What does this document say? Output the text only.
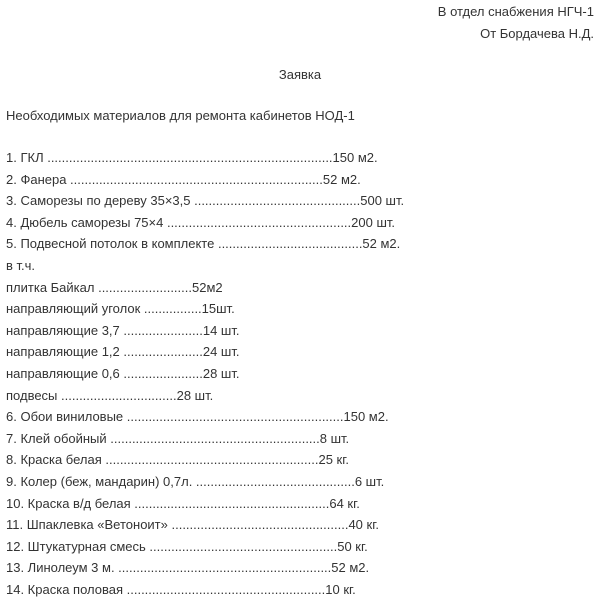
В отдел снабжения НГЧ-1
От Бордачева Н.Д.
Заявка
Необходимых материалов для ремонта кабинетов НОД-1
1. ГКЛ ...............................................................................150 м2.
2. Фанера ......................................................................52 м2.
3. Саморезы по дереву 35×3,5 ..............................................500 шт.
4. Дюбель саморезы 75×4 ...................................................200 шт.
5. Подвесной потолок в комплекте ........................................52 м2.
в т.ч.
плитка Байкал ..........................52м2
направляющий уголок ................15шт.
направляющие 3,7 ......................14 шт.
направляющие 1,2 ......................24 шт.
направляющие 0,6 ......................28 шт.
подвесы ................................28 шт.
6. Обои виниловые ............................................................150 м2.
7. Клей обойный ..........................................................8 шт.
8. Краска белая ...........................................................25 кг.
9. Колер (беж, мандарин) 0,7л. ............................................6 шт.
10. Краска в/д белая ......................................................64 кг.
11. Шпаклевка «Ветоноит» .................................................40 кг.
12. Штукатурная смесь ....................................................50 кг.
13. Линолеум 3 м. ...........................................................52 м2.
14. Краска половая .......................................................10 кг.
